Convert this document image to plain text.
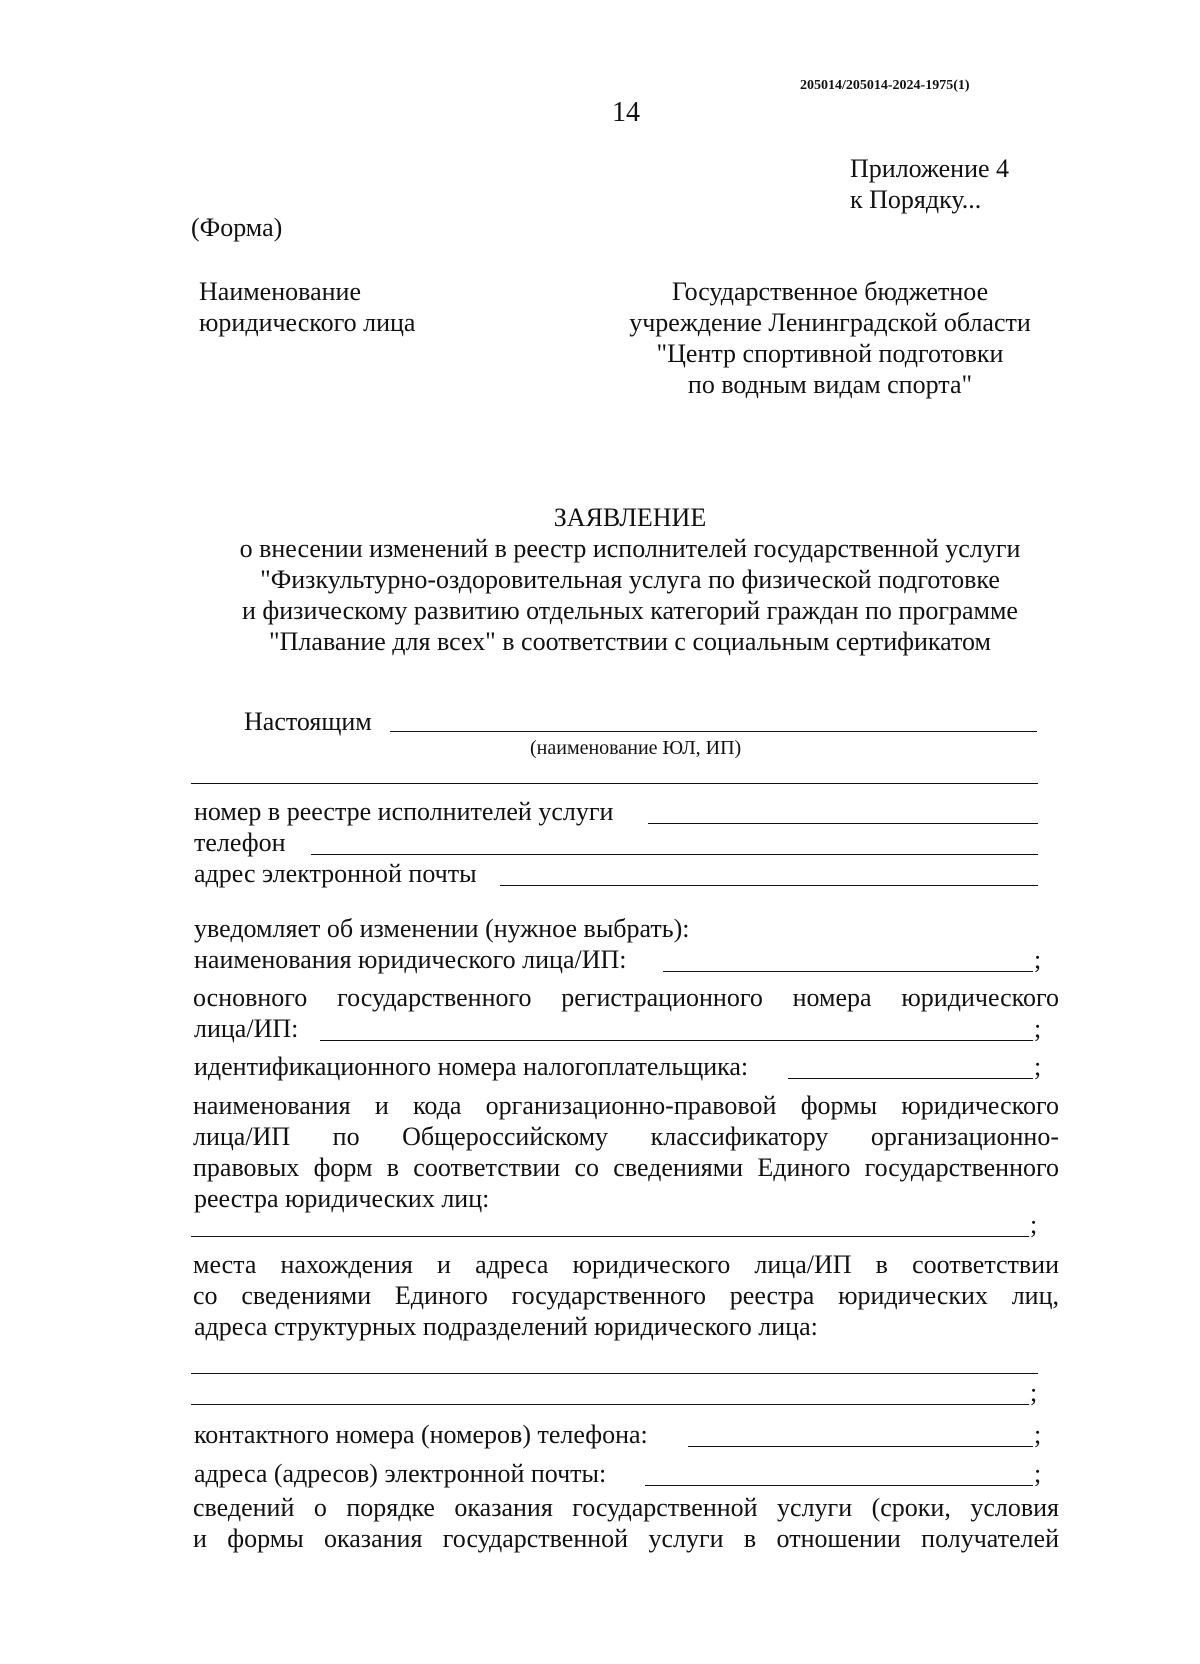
205014/205014-2024-1975(1)
14
Приложение 4
к Порядку...
(Форма)
Наименование
юридического лица
Государственное бюджетное
учреждение Ленинградской области
"Центр спортивной подготовки
по водным видам спорта"
ЗАЯВЛЕНИЕ
о внесении изменений в реестр исполнителей государственной услуги
"Физкультурно-оздоровительная услуга по физической подготовке
и физическому развитию отдельных категорий граждан по программе
"Плавание для всех" в соответствии с социальным сертификатом
Настоящим
(наименование ЮЛ, ИП)
номер в реестре исполнителей услуги
телефон
адрес электронной почты
уведомляет об изменении (нужное выбрать):
наименования юридического лица/ИП:	;
основного государственного регистрационного номера юридического
лица/ИП:	;
идентификационного номера налогоплательщика:	;
наименования и кода организационно-правовой формы юридического
лица/ИП по Общероссийскому классификатору организационно-
правовых форм в соответствии со сведениями Единого государственного
реестра юридических лиц:
;
места нахождения и адреса юридического лица/ИП в соответствии
со сведениями Единого государственного реестра юридических лиц,
адреса структурных подразделений юридического лица:
;
контактного номера (номеров) телефона:	;
адреса (адресов) электронной почты:	;
сведений о порядке оказания государственной услуги (сроки, условия
и формы оказания государственной услуги в отношении получателей
